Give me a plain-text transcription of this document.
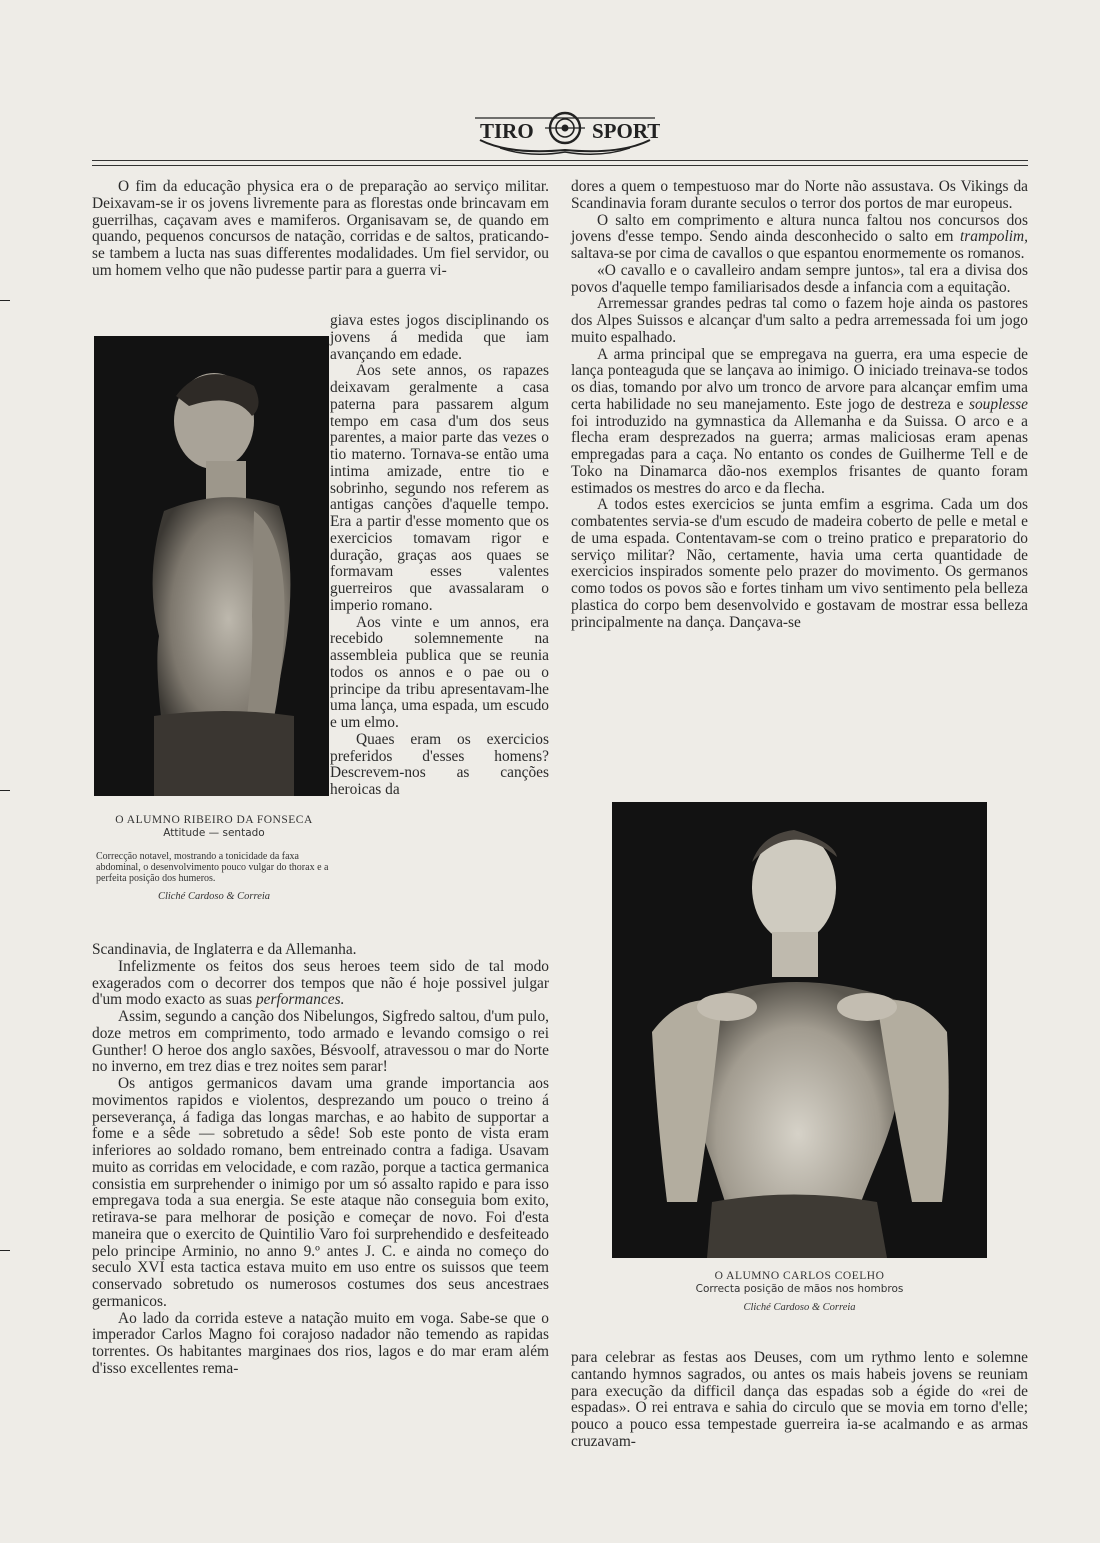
TIRO	SPORT

O fim da educação physica era o de preparação ao serviço militar. Deixavam-se ir os jovens livremente para as florestas onde brincavam em guerrilhas, caçavam aves e mamiferos. Organisavam se, de quando em quando, pequenos concursos de natação, corridas e de saltos, praticando-se tambem a lucta nas suas differentes modalidades. Um fiel servidor, ou um homem velho que não pudesse partir para a guerra vi-

giava estes jogos disciplinando os jovens á medida que iam avançando em edade.

Aos sete annos, os rapazes deixavam geralmente a casa paterna para passarem algum tempo em casa d'um dos seus parentes, a maior parte das vezes o tio materno. Tornava-se então uma intima amizade, entre tio e sobrinho, segundo nos referem as antigas canções d'aquelle tempo. Era a partir d'esse momento que os exercicios tomavam rigor e duração, graças aos quaes se formavam esses valentes guerreiros que avassalaram o imperio romano.

Aos vinte e um annos, era recebido solemnemente na assembleia publica que se reunia todos os annos e o pae ou o principe da tribu apresentavam-lhe uma lança, uma espada, um escudo e um elmo.

Quaes eram os exercicios preferidos d'esses homens? Descrevem-nos as canções heroicas da

O ALUMNO RIBEIRO DA FONSECA
Attitude — sentado
Correcção notavel, mostrando a tonicidade da faxa abdominal, o desenvolvimento pouco vulgar do thorax e a perfeita posição dos humeros.
Cliché Cardoso & Correia

Scandinavia, de Inglaterra e da Allemanha.

Infelizmente os feitos dos seus heroes teem sido de tal modo exagerados com o decorrer dos tempos que não é hoje possivel julgar d'um modo exacto as suas performances.

Assim, segundo a canção dos Nibelungos, Sigfredo saltou, d'um pulo, doze metros em comprimento, todo armado e levando comsigo o rei Gunther! O heroe dos anglo saxões, Bésvoolf, atravessou o mar do Norte no inverno, em trez dias e trez noites sem parar!

Os antigos germanicos davam uma grande importancia aos movimentos rapidos e violentos, desprezando um pouco o treino á perseverança, á fadiga das longas marchas, e ao habito de supportar a fome e a sêde — sobretudo a sêde! Sob este ponto de vista eram inferiores ao soldado romano, bem entreinado contra a fadiga. Usavam muito as corridas em velocidade, e com razão, porque a tactica germanica consistia em surprehender o inimigo por um só assalto rapido e para isso empregava toda a sua energia. Se este ataque não conseguia bom exito, retirava-se para melhorar de posição e começar de novo. Foi d'esta maneira que o exercito de Quintilio Varo foi surprehendido e desfeiteado pelo principe Arminio, no anno 9.º antes J. C. e ainda no começo do seculo XVI esta tactica estava muito em uso entre os suissos que teem conservado sobretudo os numerosos costumes dos seus ancestraes germanicos.

Ao lado da corrida esteve a natação muito em voga. Sabe-se que o imperador Carlos Magno foi corajoso nadador não temendo as rapidas torrentes. Os habitantes marginaes dos rios, lagos e do mar eram além d'isso excellentes rema-

dores a quem o tempestuoso mar do Norte não assustava. Os Vikings da Scandinavia foram durante seculos o terror dos portos de mar europeus.

O salto em comprimento e altura nunca faltou nos concursos dos jovens d'esse tempo. Sendo ainda desconhecido o salto em trampolim, saltava-se por cima de cavallos o que espantou enormemente os romanos.

«O cavallo e o cavalleiro andam sempre juntos», tal era a divisa dos povos d'aquelle tempo familiarisados desde a infancia com a equitação.

Arremessar grandes pedras tal como o fazem hoje ainda os pastores dos Alpes Suissos e alcançar d'um salto a pedra arremessada foi um jogo muito espalhado.

A arma principal que se empregava na guerra, era uma especie de lança ponteaguda que se lançava ao inimigo. O iniciado treinava-se todos os dias, tomando por alvo um tronco de arvore para alcançar emfim uma certa habilidade no seu manejamento. Este jogo de destreza e souplesse foi introduzido na gymnastica da Allemanha e da Suissa. O arco e a flecha eram desprezados na guerra; armas maliciosas eram apenas empregadas para a caça. No entanto os condes de Guilherme Tell e de Toko na Dinamarca dão-nos exemplos frisantes de quanto foram estimados os mestres do arco e da flecha.

A todos estes exercicios se junta emfim a esgrima. Cada um dos combatentes servia-se d'um escudo de madeira coberto de pelle e metal e de uma espada. Contentavam-se com o treino pratico e preparatorio do serviço militar? Não, certamente, havia uma certa quantidade de exercicios inspirados somente pelo prazer do movimento. Os germanos como todos os povos são e fortes tinham um vivo sentimento pela belleza plastica do corpo bem desenvolvido e gostavam de mostrar essa belleza principalmente na dança. Dançava-se

O ALUMNO CARLOS COELHO
Correcta posição de mãos nos hombros
Cliché Cardoso & Correia

para celebrar as festas aos Deuses, com um rythmo lento e solemne cantando hymnos sagrados, ou antes os mais habeis jovens se reuniam para execução da difficil dança das espadas sob a égide do «rei de espadas». O rei entrava e sahia do circulo que se movia em torno d'elle; pouco a pouco essa tempestade guerreira ia-se acalmando e as armas cruzavam-
